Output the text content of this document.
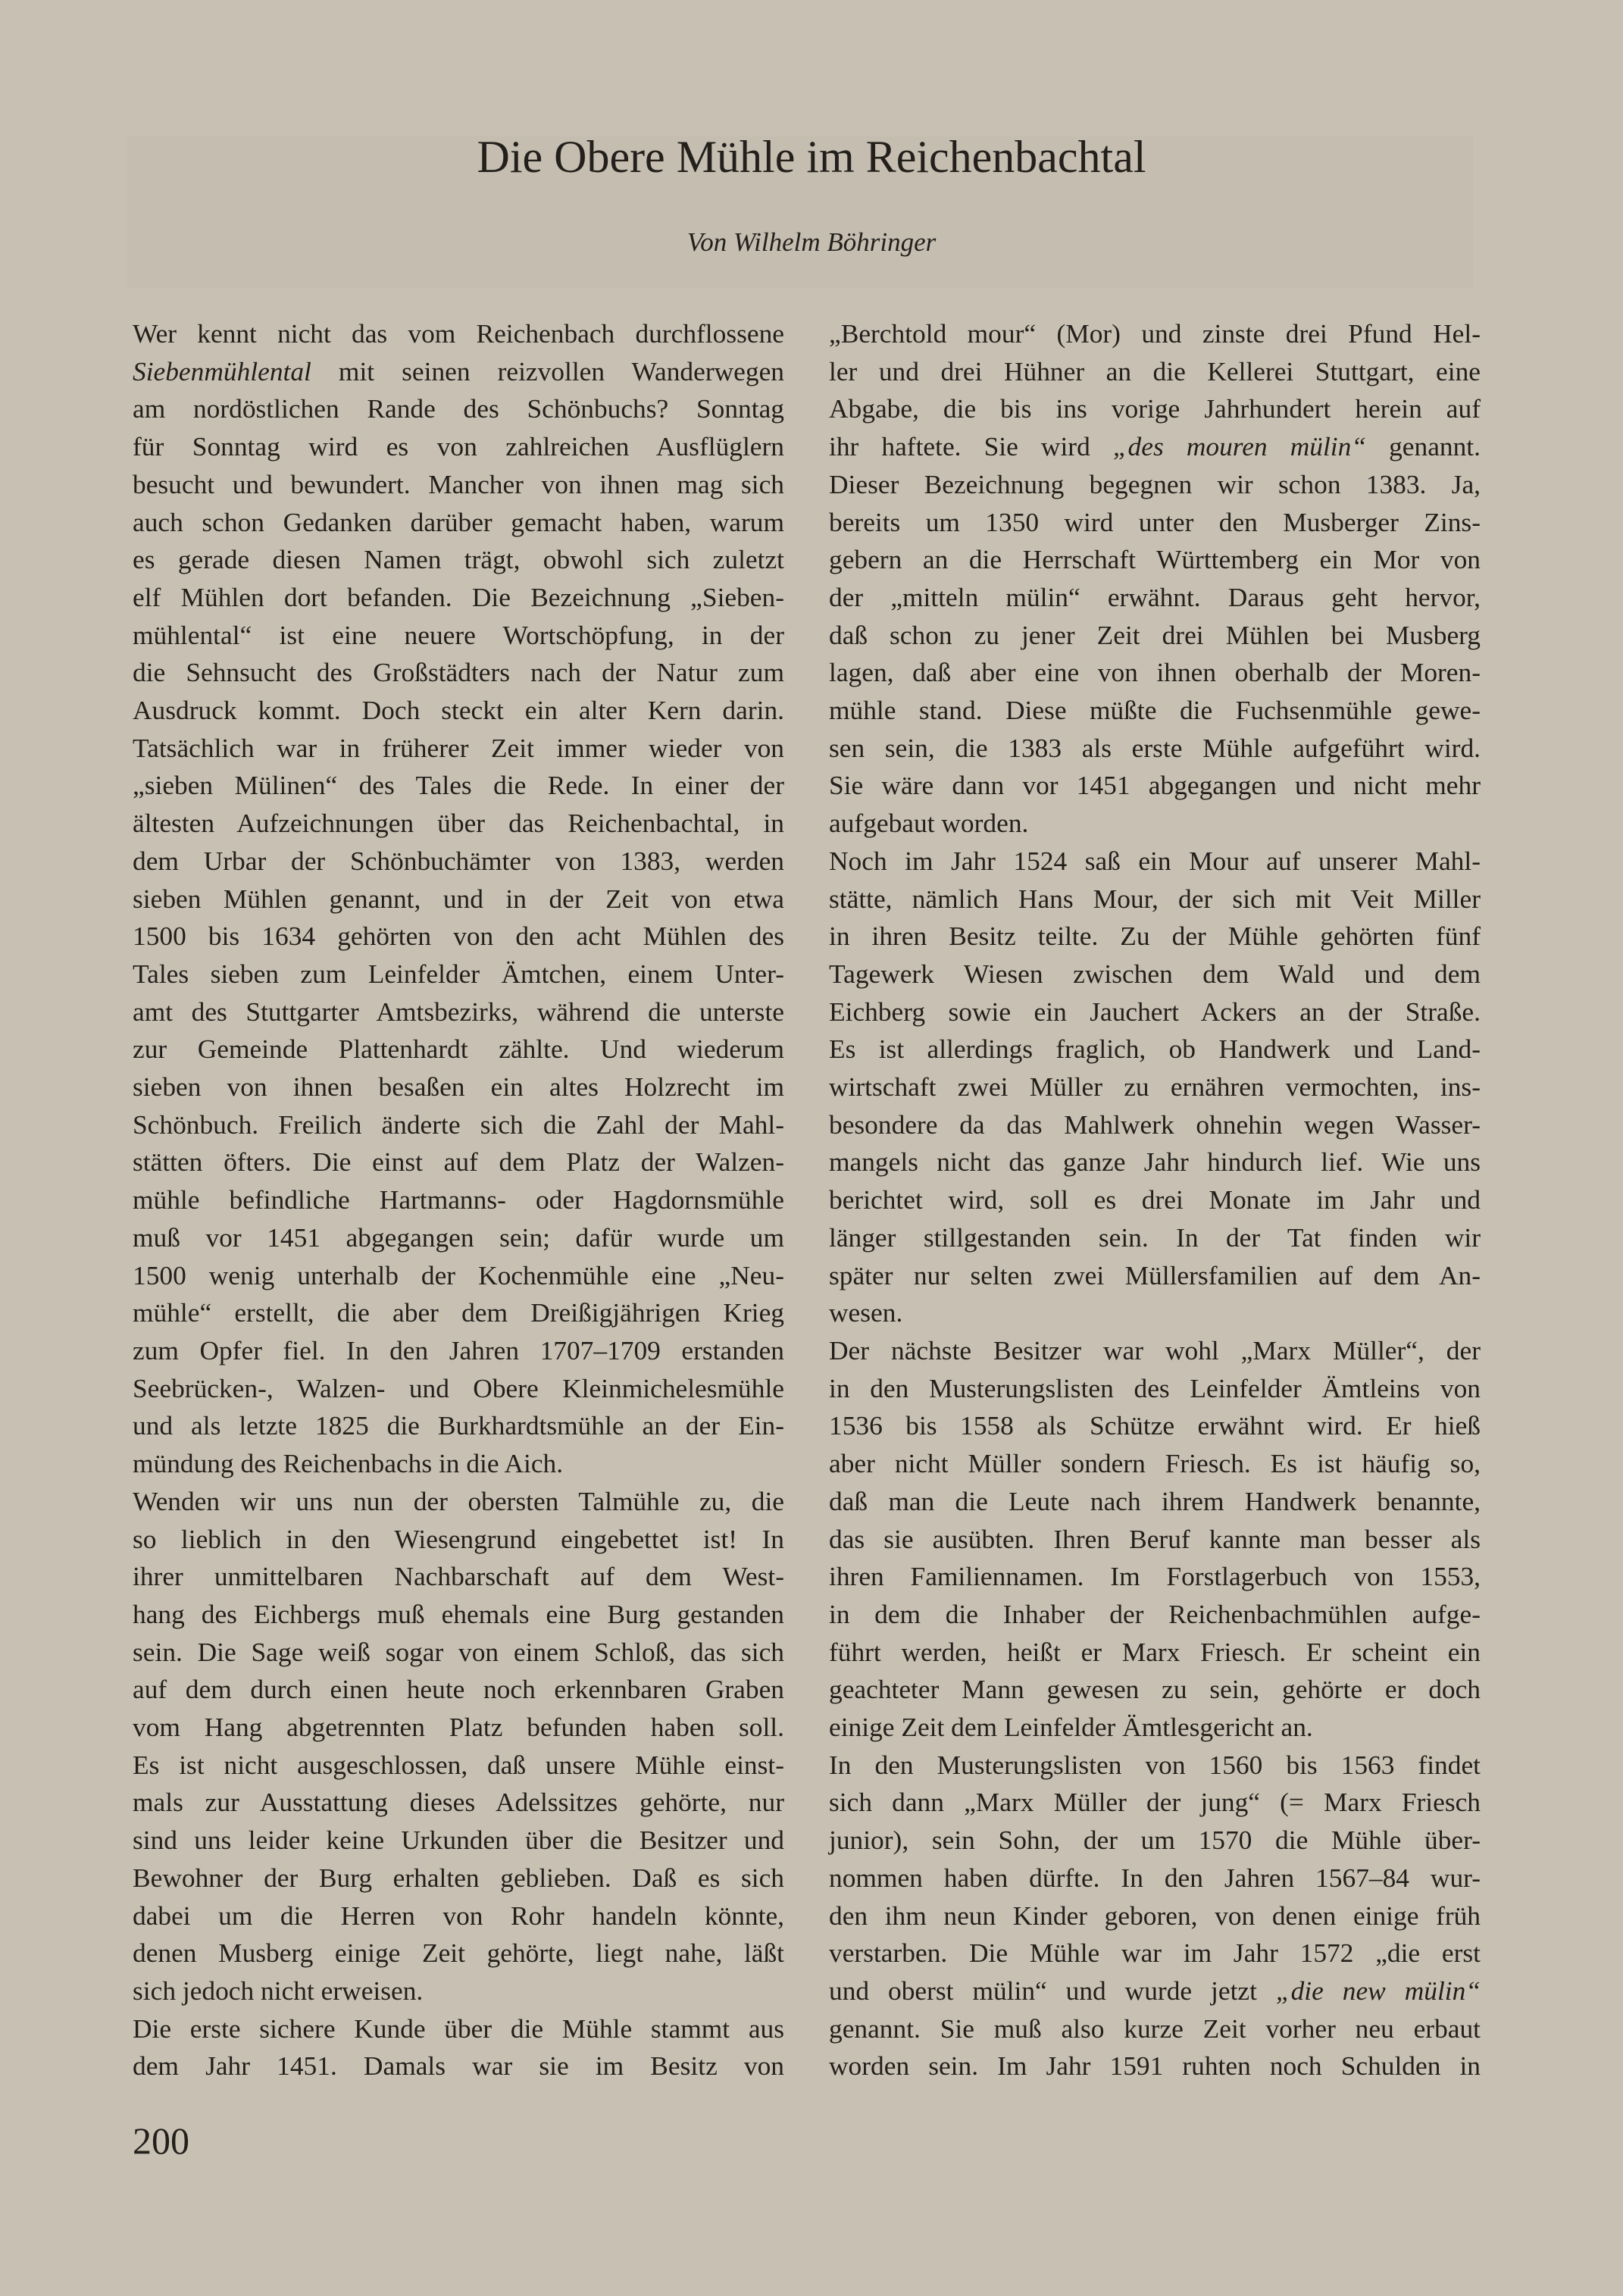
Die Obere Mühle im Reichenbachtal
Von Wilhelm Böhringer

Wer kennt nicht das vom Reichenbach durchflossene

Siebenmühlental mit seinen reizvollen Wanderwegen

am nordöstlichen Rande des Schönbuchs? Sonntag

für Sonntag wird es von zahlreichen Ausflüglern

besucht und bewundert. Mancher von ihnen mag sich

auch schon Gedanken darüber gemacht haben, warum

es gerade diesen Namen trägt, obwohl sich zuletzt

elf Mühlen dort befanden. Die Bezeichnung „Sieben-

mühlental“ ist eine neuere Wortschöpfung, in der

die Sehnsucht des Großstädters nach der Natur zum

Ausdruck kommt. Doch steckt ein alter Kern darin.

Tatsächlich war in früherer Zeit immer wieder von

„sieben Mülinen“ des Tales die Rede. In einer der

ältesten Aufzeichnungen über das Reichenbachtal, in

dem Urbar der Schönbuchämter von 1383, werden

sieben Mühlen genannt, und in der Zeit von etwa

1500 bis 1634 gehörten von den acht Mühlen des

Tales sieben zum Leinfelder Ämtchen, einem Unter-

amt des Stuttgarter Amtsbezirks, während die unterste

zur Gemeinde Plattenhardt zählte. Und wiederum

sieben von ihnen besaßen ein altes Holzrecht im

Schönbuch. Freilich änderte sich die Zahl der Mahl-

stätten öfters. Die einst auf dem Platz der Walzen-

mühle befindliche Hartmanns- oder Hagdornsmühle

muß vor 1451 abgegangen sein; dafür wurde um

1500 wenig unterhalb der Kochenmühle eine „Neu-

mühle“ erstellt, die aber dem Dreißigjährigen Krieg

zum Opfer fiel. In den Jahren 1707–1709 erstanden

Seebrücken-, Walzen- und Obere Kleinmichelesmühle

und als letzte 1825 die Burkhardtsmühle an der Ein-

mündung des Reichenbachs in die Aich.

Wenden wir uns nun der obersten Talmühle zu, die

so lieblich in den Wiesengrund eingebettet ist! In

ihrer unmittelbaren Nachbarschaft auf dem West-

hang des Eichbergs muß ehemals eine Burg gestanden

sein. Die Sage weiß sogar von einem Schloß, das sich

auf dem durch einen heute noch erkennbaren Graben

vom Hang abgetrennten Platz befunden haben soll.

Es ist nicht ausgeschlossen, daß unsere Mühle einst-

mals zur Ausstattung dieses Adelssitzes gehörte, nur

sind uns leider keine Urkunden über die Besitzer und

Bewohner der Burg erhalten geblieben. Daß es sich

dabei um die Herren von Rohr handeln könnte,

denen Musberg einige Zeit gehörte, liegt nahe, läßt

sich jedoch nicht erweisen.

Die erste sichere Kunde über die Mühle stammt aus

dem Jahr 1451. Damals war sie im Besitz von

„Berchtold mour“ (Mor) und zinste drei Pfund Hel-

ler und drei Hühner an die Kellerei Stuttgart, eine

Abgabe, die bis ins vorige Jahrhundert herein auf

ihr haftete. Sie wird „des mouren mülin“ genannt.

Dieser Bezeichnung begegnen wir schon 1383. Ja,

bereits um 1350 wird unter den Musberger Zins-

gebern an die Herrschaft Württemberg ein Mor von

der „mitteln mülin“ erwähnt. Daraus geht hervor,

daß schon zu jener Zeit drei Mühlen bei Musberg

lagen, daß aber eine von ihnen oberhalb der Moren-

mühle stand. Diese müßte die Fuchsenmühle gewe-

sen sein, die 1383 als erste Mühle aufgeführt wird.

Sie wäre dann vor 1451 abgegangen und nicht mehr

aufgebaut worden.

Noch im Jahr 1524 saß ein Mour auf unserer Mahl-

stätte, nämlich Hans Mour, der sich mit Veit Miller

in ihren Besitz teilte. Zu der Mühle gehörten fünf

Tagewerk Wiesen zwischen dem Wald und dem

Eichberg sowie ein Jauchert Ackers an der Straße.

Es ist allerdings fraglich, ob Handwerk und Land-

wirtschaft zwei Müller zu ernähren vermochten, ins-

besondere da das Mahlwerk ohnehin wegen Wasser-

mangels nicht das ganze Jahr hindurch lief. Wie uns

berichtet wird, soll es drei Monate im Jahr und

länger stillgestanden sein. In der Tat finden wir

später nur selten zwei Müllersfamilien auf dem An-

wesen.

Der nächste Besitzer war wohl „Marx Müller“, der

in den Musterungslisten des Leinfelder Ämtleins von

1536 bis 1558 als Schütze erwähnt wird. Er hieß

aber nicht Müller sondern Friesch. Es ist häufig so,

daß man die Leute nach ihrem Handwerk benannte,

das sie ausübten. Ihren Beruf kannte man besser als

ihren Familiennamen. Im Forstlagerbuch von 1553,

in dem die Inhaber der Reichenbachmühlen aufge-

führt werden, heißt er Marx Friesch. Er scheint ein

geachteter Mann gewesen zu sein, gehörte er doch

einige Zeit dem Leinfelder Ämtlesgericht an.

In den Musterungslisten von 1560 bis 1563 findet

sich dann „Marx Müller der jung“ (= Marx Friesch

junior), sein Sohn, der um 1570 die Mühle über-

nommen haben dürfte. In den Jahren 1567–84 wur-

den ihm neun Kinder geboren, von denen einige früh

verstarben. Die Mühle war im Jahr 1572 „die erst

und oberst mülin“ und wurde jetzt „die new mülin“

genannt. Sie muß also kurze Zeit vorher neu erbaut

worden sein. Im Jahr 1591 ruhten noch Schulden in

200
